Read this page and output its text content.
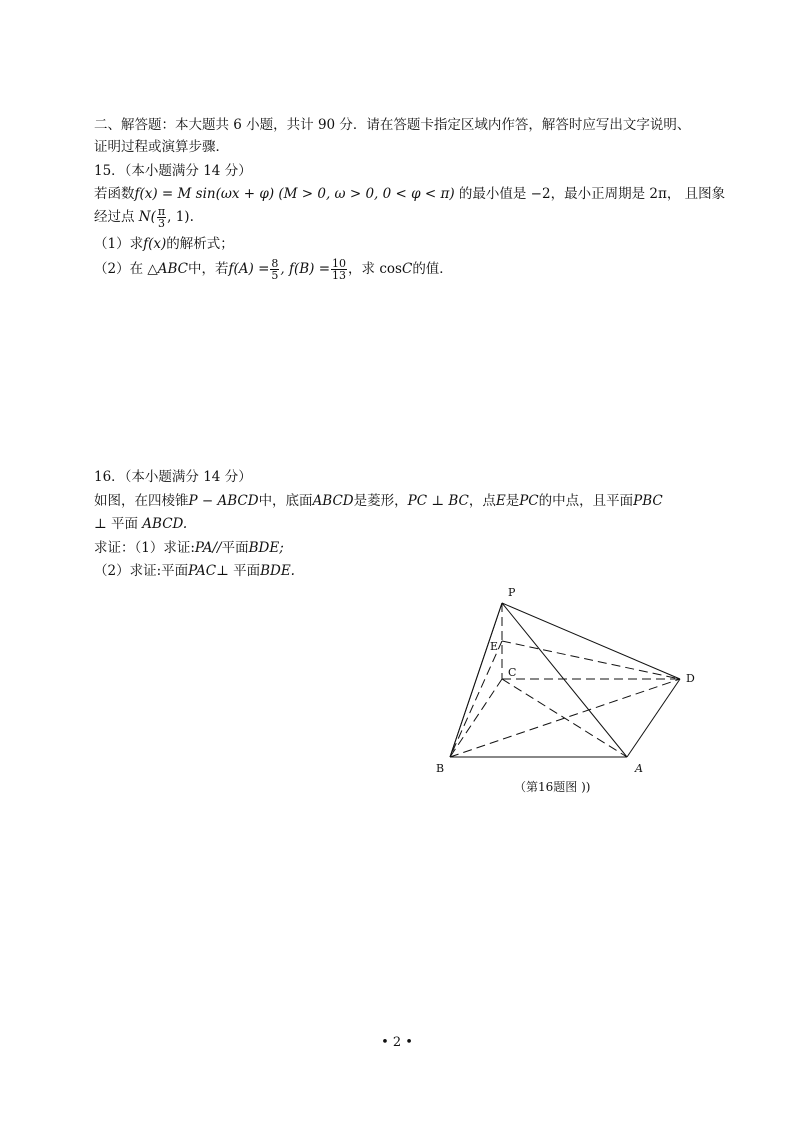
二、解答题：本大题共 6 小题，共计 90 分．请在答题卡指定区域内作答，解答时应写出文字说明、
证明过程或演算步骤．
15．（本小题满分 14 分）
若函数f(x) = M sin(ωx + φ) (M > 0, ω > 0, 0 < φ < π) 的最小值是 −2，最小正周期是 2π， 且图象
经过点 $N( \frac{\pi}{3}$ , 1).
（1）求f(x)的解析式；
（2）在 △ABC中，若$f(A) = \frac{8}{5}$ , $f(B) = \frac{10}{13}$ ，求 cosC的值．
16．（本小题满分 14 分）
如图，在四棱锥P − ABCD中，底面ABCD是菱形，PC ⊥ BC，点E是PC的中点，且平面PBC
⊥ 平面 ABCD.
求证：（1）求证:PA//平面BDE;
（2）求证:平面PAC⊥ 平面BDE.
P
E
C	D
B	A
（第16题图 ))
• 2 •
